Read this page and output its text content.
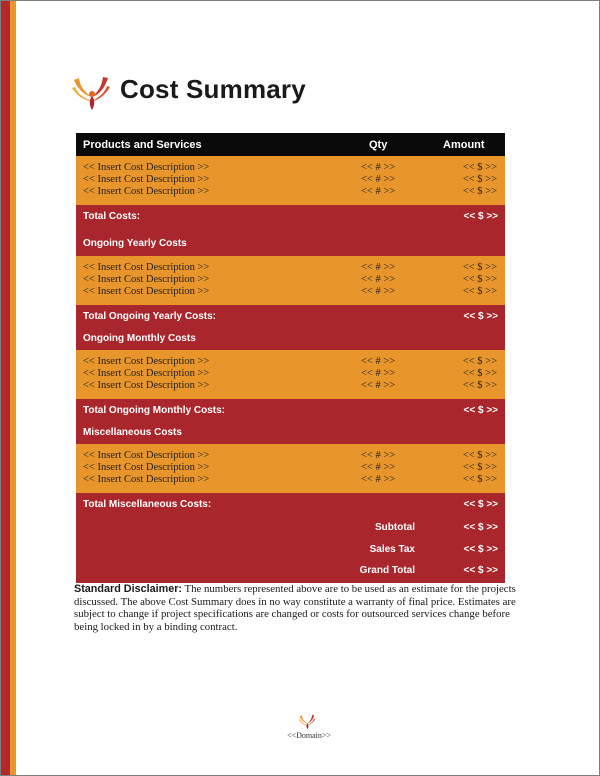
Cost Summary
Products and Services	Qty	Amount
<< Insert Cost Description >>	<< # >>	<< $ >>
<< Insert Cost Description >>	<< # >>	<< $ >>
<< Insert Cost Description >>	<< # >>	<< $ >>
Total Costs:	<< $ >>
Ongoing Yearly Costs
<< Insert Cost Description >>	<< # >>	<< $ >>
<< Insert Cost Description >>	<< # >>	<< $ >>
<< Insert Cost Description >>	<< # >>	<< $ >>
Total Ongoing Yearly Costs:	<< $ >>
Ongoing Monthly Costs
<< Insert Cost Description >>	<< # >>	<< $ >>
<< Insert Cost Description >>	<< # >>	<< $ >>
<< Insert Cost Description >>	<< # >>	<< $ >>
Total Ongoing Monthly Costs:	<< $ >>
Miscellaneous Costs
<< Insert Cost Description >>	<< # >>	<< $ >>
<< Insert Cost Description >>	<< # >>	<< $ >>
<< Insert Cost Description >>	<< # >>	<< $ >>
Total Miscellaneous Costs:	<< $ >>
Subtotal	<< $ >>
Sales Tax	<< $ >>
Grand Total	<< $ >>

Standard Disclaimer: The numbers represented above are to be used as an estimate for the projects discussed. The above Cost Summary does in no way constitute a warranty of final price. Estimates are subject to change if project specifications are changed or costs for outsourced services change before being locked in by a binding contract.

<<Domain>>
